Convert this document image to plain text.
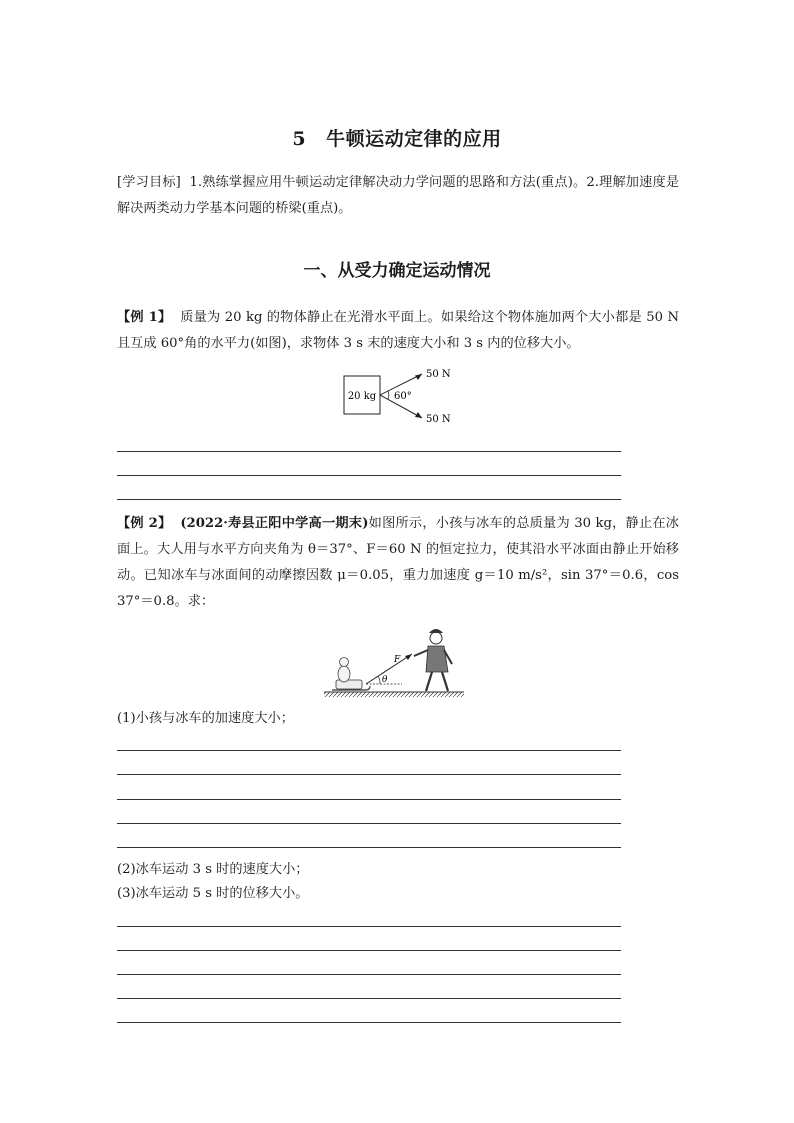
5 牛顿运动定律的应用
[学习目标] 1.熟练掌握应用牛顿运动定律解决动力学问题的思路和方法(重点)。2.理解加速度是解决两类动力学基本问题的桥梁(重点)。
一、从受力确定运动情况
【例 1】 质量为 20 kg 的物体静止在光滑水平面上。如果给这个物体施加两个大小都是 50 N 且互成 60°角的水平力(如图)，求物体 3 s 末的速度大小和 3 s 内的位移大小。
20 kg 60°
50 N
50 N
【例 2】 (2022·寿县正阳中学高一期末)如图所示，小孩与冰车的总质量为 30 kg，静止在冰面上。大人用与水平方向夹角为 θ＝37°、F＝60 N 的恒定拉力，使其沿水平冰面由静止开始移动。已知冰车与冰面间的动摩擦因数 μ＝0.05，重力加速度 g＝10 m/s²，sin 37°＝0.6，cos 37°＝0.8。求：
θ
F
(1)小孩与冰车的加速度大小；
(2)冰车运动 3 s 时的速度大小；
(3)冰车运动 5 s 时的位移大小。
